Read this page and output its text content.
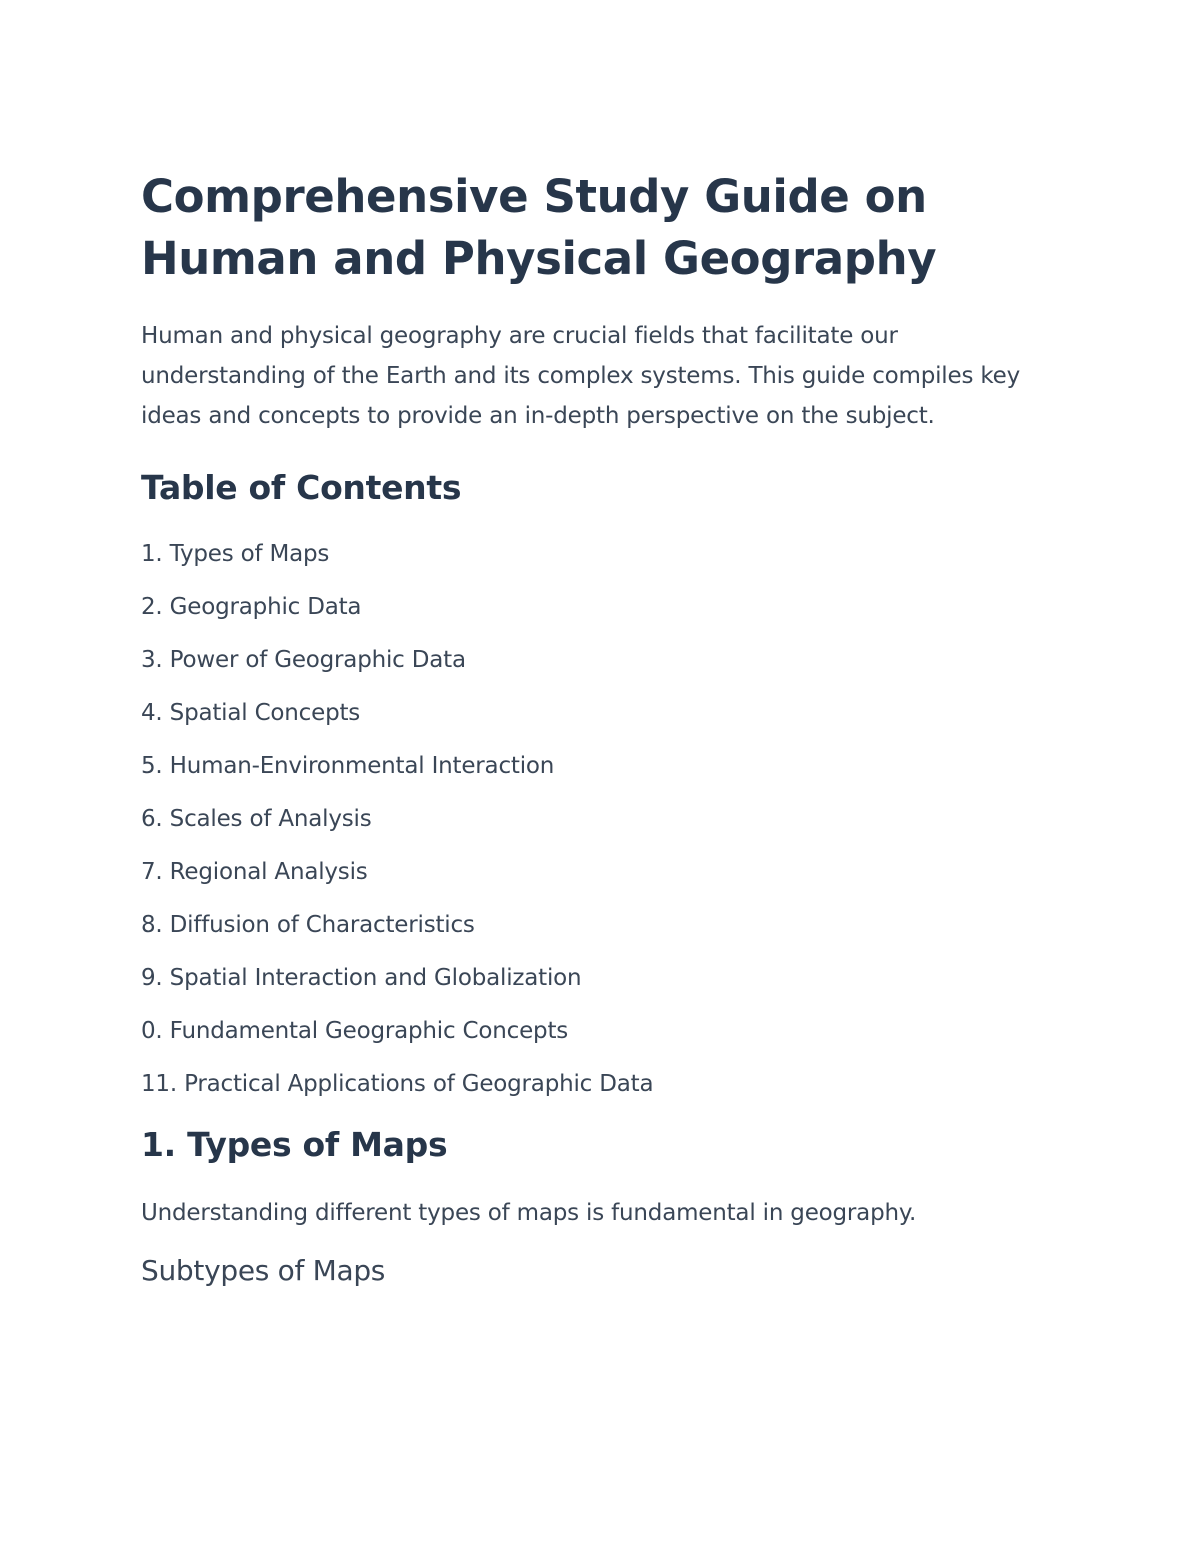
Comprehensive Study Guide on Human and Physical Geography

Human and physical geography are crucial fields that facilitate our understanding of the Earth and its complex systems. This guide compiles key ideas and concepts to provide an in-depth perspective on the subject.

Table of Contents
1. Types of Maps
2. Geographic Data
3. Power of Geographic Data
4. Spatial Concepts
5. Human-Environmental Interaction
6. Scales of Analysis
7. Regional Analysis
8. Diffusion of Characteristics
9. Spatial Interaction and Globalization
0. Fundamental Geographic Concepts
11. Practical Applications of Geographic Data
1. Types of Maps

Understanding different types of maps is fundamental in geography.

Subtypes of Maps
